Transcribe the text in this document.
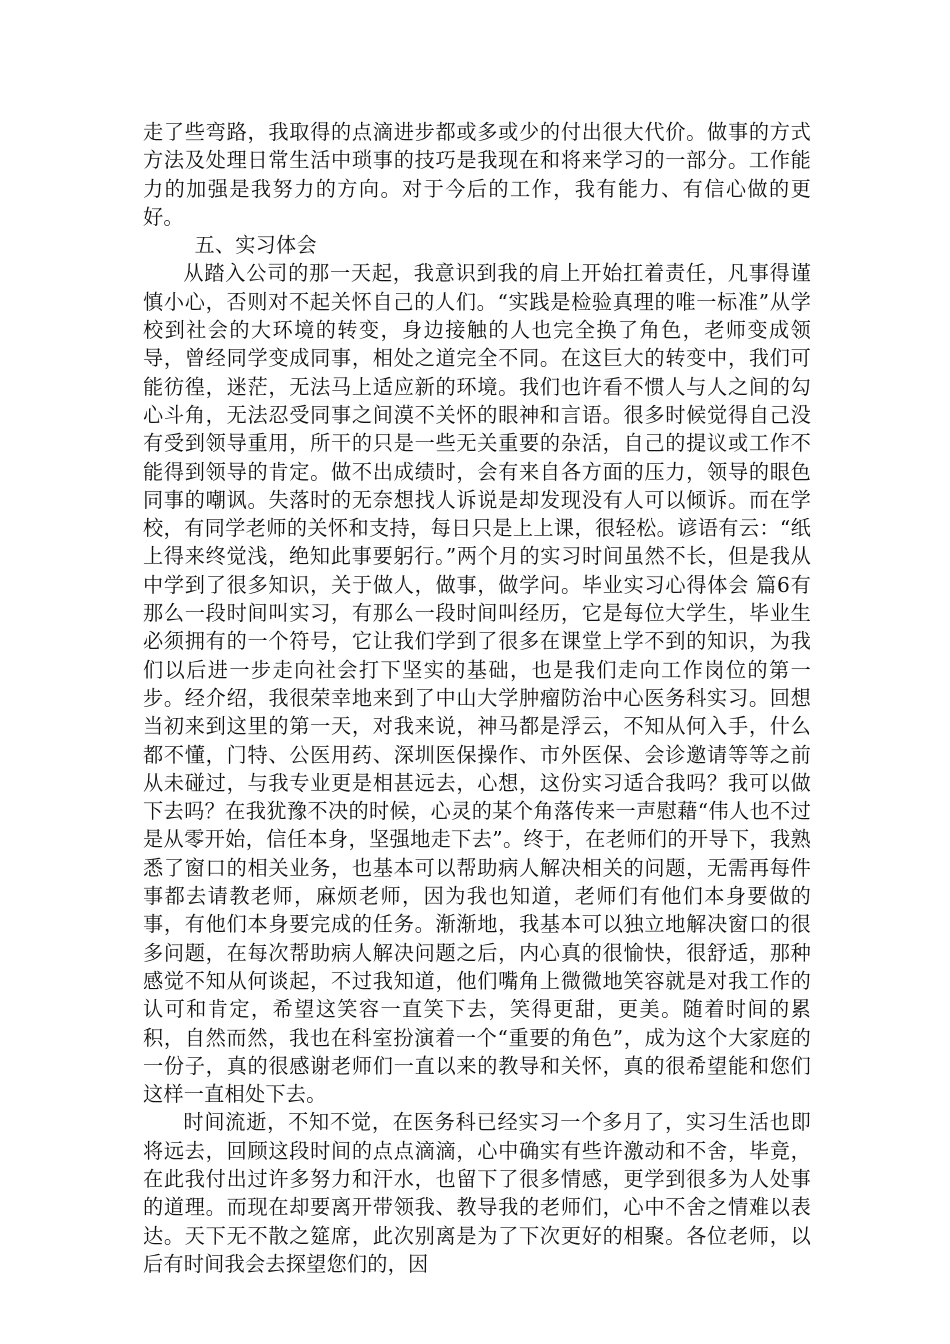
走了些弯路，我取得的点滴进步都或多或少的付出很大代价。做事的方式方法及处理日常生活中琐事的技巧是我现在和将来学习的一部分。工作能力的加强是我努力的方向。对于今后的工作，我有能力、有信心做的更好。

五、实习体会

从踏入公司的那一天起，我意识到我的肩上开始扛着责任，凡事得谨慎小心，否则对不起关怀自己的人们。“实践是检验真理的唯一标准”从学校到社会的大环境的转变，身边接触的人也完全换了角色，老师变成领导，曾经同学变成同事，相处之道完全不同。在这巨大的转变中，我们可能彷徨，迷茫，无法马上适应新的环境。我们也许看不惯人与人之间的勾心斗角，无法忍受同事之间漠不关怀的眼神和言语。很多时候觉得自己没有受到领导重用，所干的只是一些无关重要的杂活，自己的提议或工作不能得到领导的肯定。做不出成绩时，会有来自各方面的压力，领导的眼色同事的嘲讽。失落时的无奈想找人诉说是却发现没有人可以倾诉。而在学校，有同学老师的关怀和支持，每日只是上上课，很轻松。谚语有云：“纸上得来终觉浅，绝知此事要躬行。”两个月的实习时间虽然不长，但是我从中学到了很多知识，关于做人，做事，做学问。毕业实习心得体会 篇6有那么一段时间叫实习，有那么一段时间叫经历，它是每位大学生，毕业生必须拥有的一个符号，它让我们学到了很多在课堂上学不到的知识，为我们以后进一步走向社会打下坚实的基础，也是我们走向工作岗位的第一步。经介绍，我很荣幸地来到了中山大学肿瘤防治中心医务科实习。回想当初来到这里的第一天，对我来说，神马都是浮云，不知从何入手，什么都不懂，门特、公医用药、深圳医保操作、市外医保、会诊邀请等等之前从未碰过，与我专业更是相甚远去，心想，这份实习适合我吗？我可以做下去吗？在我犹豫不决的时候，心灵的某个角落传来一声慰藉“伟人也不过是从零开始，信任本身，坚强地走下去”。终于，在老师们的开导下，我熟悉了窗口的相关业务，也基本可以帮助病人解决相关的问题，无需再每件事都去请教老师，麻烦老师，因为我也知道，老师们有他们本身要做的事，有他们本身要完成的任务。渐渐地，我基本可以独立地解决窗口的很多问题，在每次帮助病人解决问题之后，内心真的很愉快，很舒适，那种感觉不知从何谈起，不过我知道，他们嘴角上微微地笑容就是对我工作的认可和肯定，希望这笑容一直笑下去，笑得更甜，更美。随着时间的累积，自然而然，我也在科室扮演着一个“重要的角色”，成为这个大家庭的一份子，真的很感谢老师们一直以来的教导和关怀，真的很希望能和您们这样一直相处下去。

时间流逝，不知不觉，在医务科已经实习一个多月了，实习生活也即将远去，回顾这段时间的点点滴滴，心中确实有些许激动和不舍，毕竟，在此我付出过许多努力和汗水，也留下了很多情感，更学到很多为人处事的道理。而现在却要离开带领我、教导我的老师们，心中不舍之情难以表达。天下无不散之筵席，此次别离是为了下次更好的相聚。各位老师，以后有时间我会去探望您们的，因
